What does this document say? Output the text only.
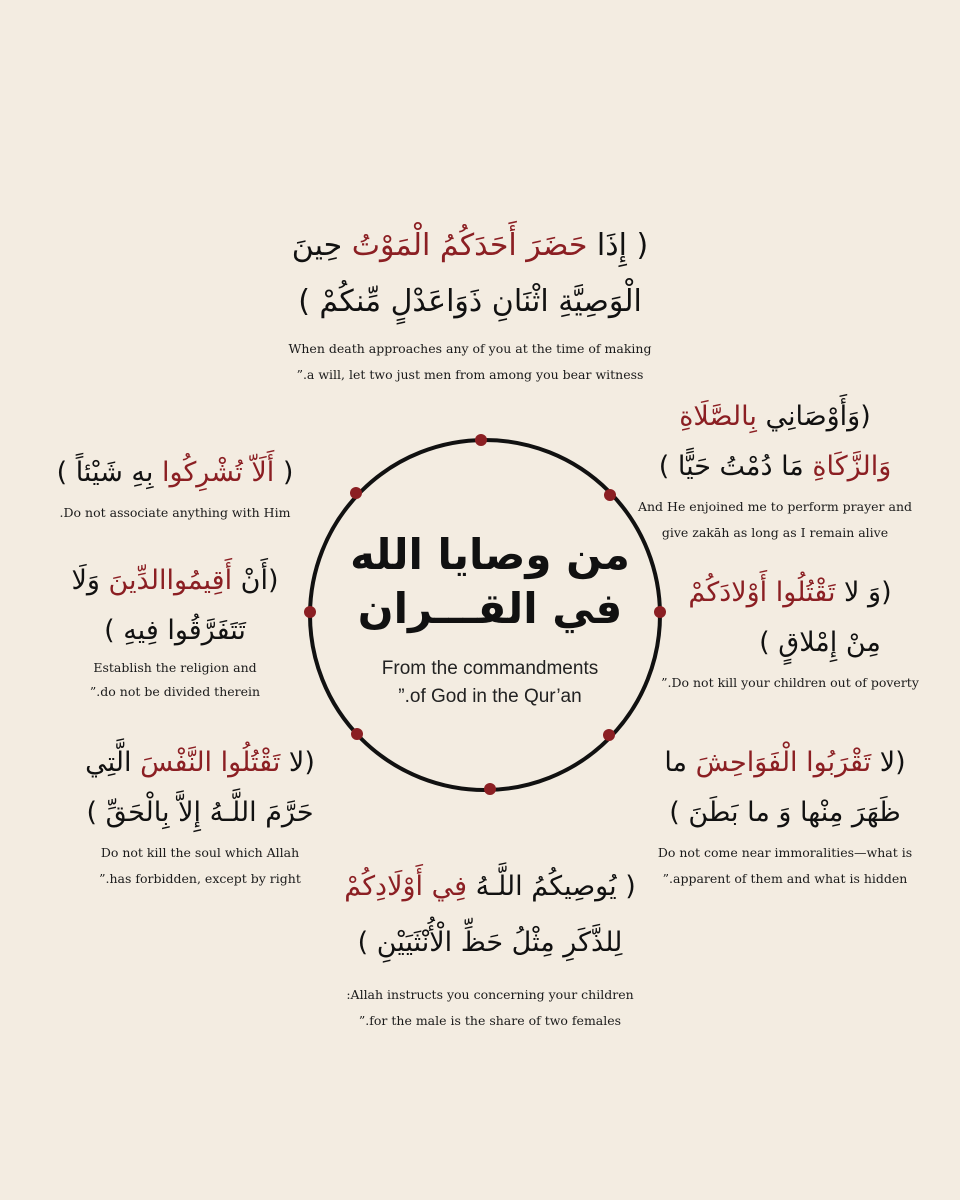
من وصايا الله
في القـــران
From the commandments
”.of God in the Qur’an
( إِذَا حَضَرَ أَحَدَكُمُ الْمَوْتُ حِينَ
الْوَصِيَّةِ اثْنَانِ ذَوَاعَدْلٍ مِّنكُمْ )
When death approaches any of you at the time of making
”.a will, let two just men from among you bear witness
(وَأَوْصَانِي بِالصَّلَاةِ
وَالزَّكَاةِ مَا دُمْتُ حَيًّا )
And He enjoined me to perform prayer and
give zakāh as long as I remain alive
( أَلَاّ تُشْرِكُوا بِهِ شَيْئاً )
.Do not associate anything with Him
(أَنْ أَقِيمُواالدِّينَ وَلَا
تَتَفَرَّقُوا فِيهِ )
Establish the religion and
”.do not be divided therein
(وَ لا تَقْتُلُوا أَوْلادَكُمْ
مِنْ إِمْلاقٍ )
”.Do not kill your children out of poverty
(لا تَقْتُلُوا النَّفْسَ الَّتِي
حَرَّمَ اللَّـهُ إِلاَّ بِالْحَقِّ )
Do not kill the soul which Allah
”.has forbidden, except by right
(لا تَقْرَبُوا الْفَوَاحِشَ ما
ظَهَرَ مِنْها وَ ما بَطَنَ )
Do not come near immoralities—what is
”.apparent of them and what is hidden
( يُوصِيكُمُ اللَّـهُ فِي أَوْلَادِكُمْ
لِلذَّكَرِ مِثْلُ حَظِّ الْأُنْثَيَيْنِ )
:Allah instructs you concerning your children
”.for the male is the share of two females
